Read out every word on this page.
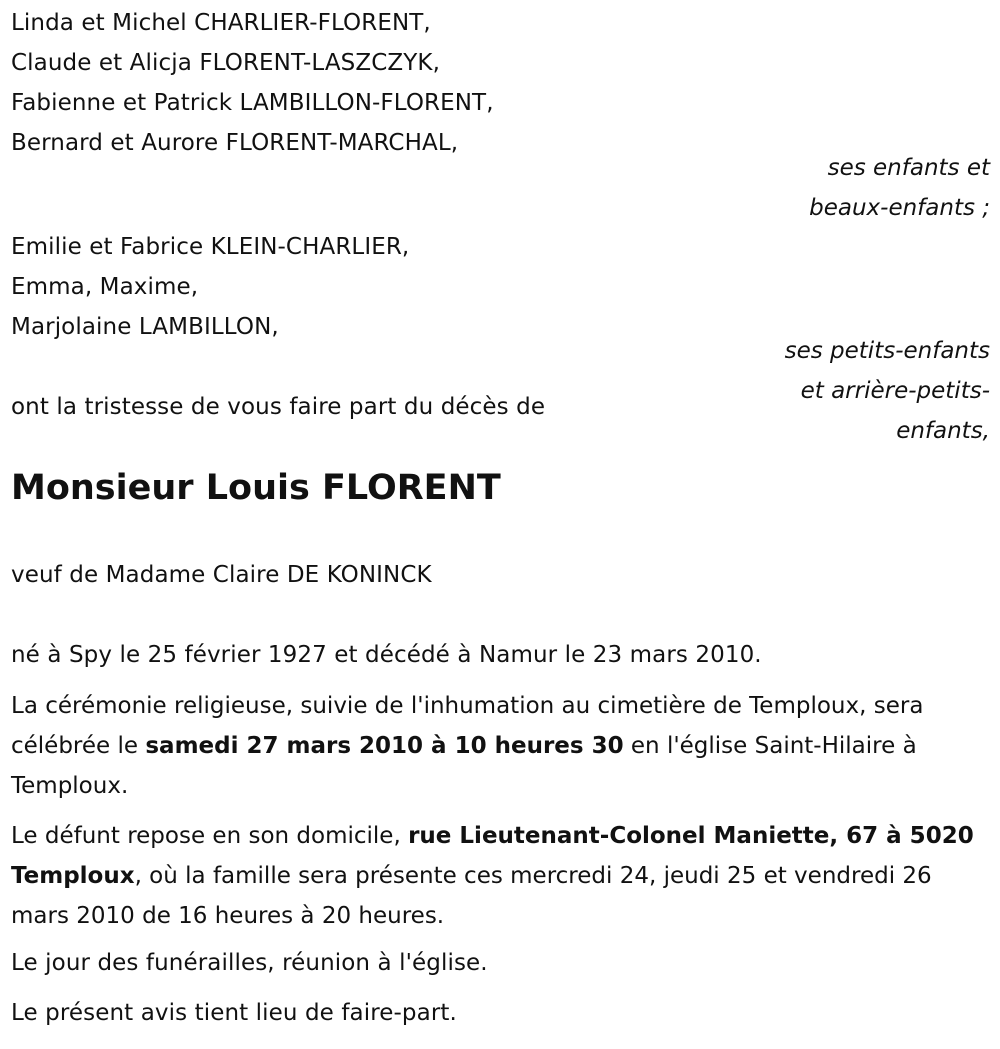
Linda et Michel CHARLIER-FLORENT,
Claude et Alicja FLORENT-LASZCZYK,
Fabienne et Patrick LAMBILLON-FLORENT,
Bernard et Aurore FLORENT-MARCHAL,
ses enfants et
beaux-enfants ;
Emilie et Fabrice KLEIN-CHARLIER,
Emma, Maxime,
Marjolaine LAMBILLON,
ses petits-enfants
et arrière-petits-
enfants,
ont la tristesse de vous faire part du décès de
Monsieur Louis FLORENT
veuf de Madame Claire DE KONINCK
né à Spy le 25 février 1927 et décédé à Namur le 23 mars 2010.
La cérémonie religieuse, suivie de l'inhumation au cimetière de Temploux, sera célébrée le samedi 27 mars 2010 à 10 heures 30 en l'église Saint-Hilaire à Temploux.
Le défunt repose en son domicile, rue Lieutenant-Colonel Maniette, 67 à 5020 Temploux, où la famille sera présente ces mercredi 24, jeudi 25 et vendredi 26 mars 2010 de 16 heures à 20 heures.
Le jour des funérailles, réunion à l'église.
Le présent avis tient lieu de faire-part.
